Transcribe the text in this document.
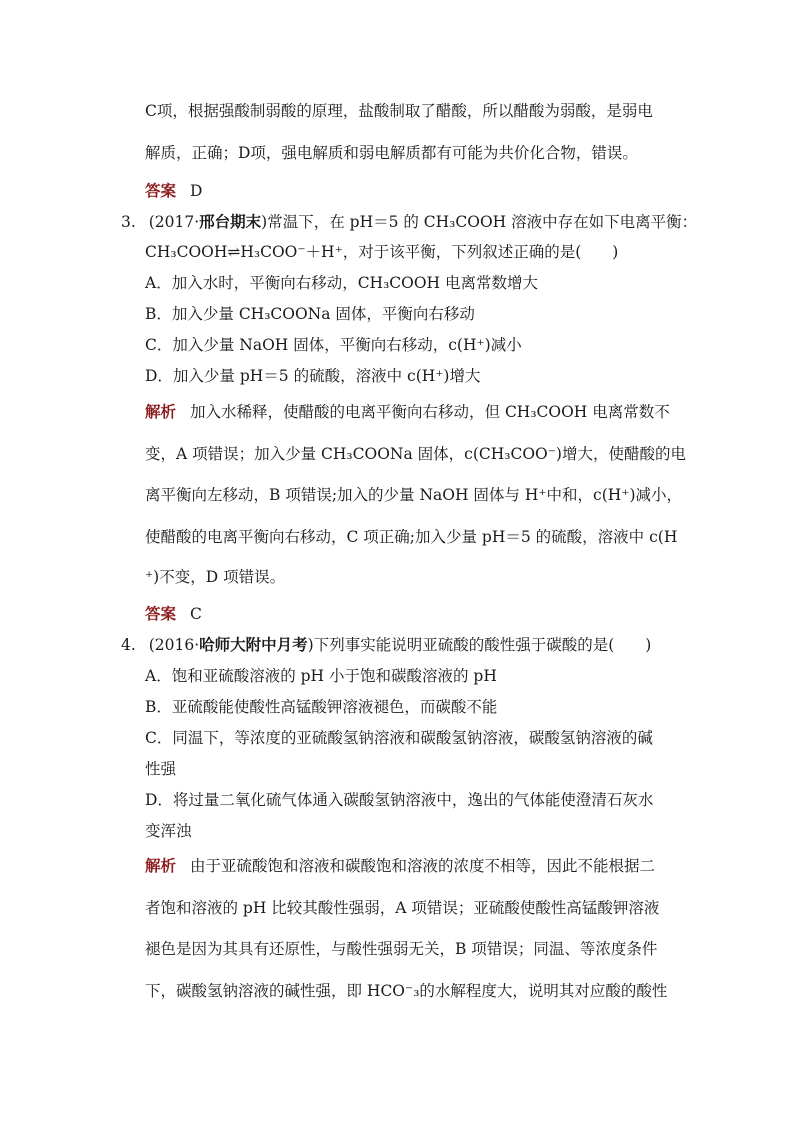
C项，根据强酸制弱酸的原理，盐酸制取了醋酸，所以醋酸为弱酸，是弱电
解质，正确；D项，强电解质和弱电解质都有可能为共价化合物，错误。
答案 D
3. (2017·邢台期末)常温下，在 pH＝5 的 CH₃COOH 溶液中存在如下电离平衡：
CH₃COOH⇌H₃COO⁻＋H⁺，对于该平衡，下列叙述正确的是(　　)
A．加入水时，平衡向右移动，CH₃COOH 电离常数增大
B．加入少量 CH₃COONa 固体，平衡向右移动
C．加入少量 NaOH 固体，平衡向右移动，c(H⁺)减小
D．加入少量 pH＝5 的硫酸，溶液中 c(H⁺)增大
解析 加入水稀释，使醋酸的电离平衡向右移动，但 CH₃COOH 电离常数不
变，A 项错误；加入少量 CH₃COONa 固体，c(CH₃COO⁻)增大，使醋酸的电
离平衡向左移动，B 项错误;加入的少量 NaOH 固体与 H⁺中和，c(H⁺)减小，
使醋酸的电离平衡向右移动，C 项正确;加入少量 pH＝5 的硫酸，溶液中 c(H
⁺)不变，D 项错误。
答案 C
4. (2016·哈师大附中月考)下列事实能说明亚硫酸的酸性强于碳酸的是(　　)
A．饱和亚硫酸溶液的 pH 小于饱和碳酸溶液的 pH
B．亚硫酸能使酸性高锰酸钾溶液褪色，而碳酸不能
C．同温下，等浓度的亚硫酸氢钠溶液和碳酸氢钠溶液，碳酸氢钠溶液的碱
性强
D．将过量二氧化硫气体通入碳酸氢钠溶液中，逸出的气体能使澄清石灰水
变浑浊
解析 由于亚硫酸饱和溶液和碳酸饱和溶液的浓度不相等，因此不能根据二
者饱和溶液的 pH 比较其酸性强弱，A 项错误；亚硫酸使酸性高锰酸钾溶液
褪色是因为其具有还原性，与酸性强弱无关，B 项错误；同温、等浓度条件
下，碳酸氢钠溶液的碱性强，即 HCO⁻₃的水解程度大，说明其对应酸的酸性
